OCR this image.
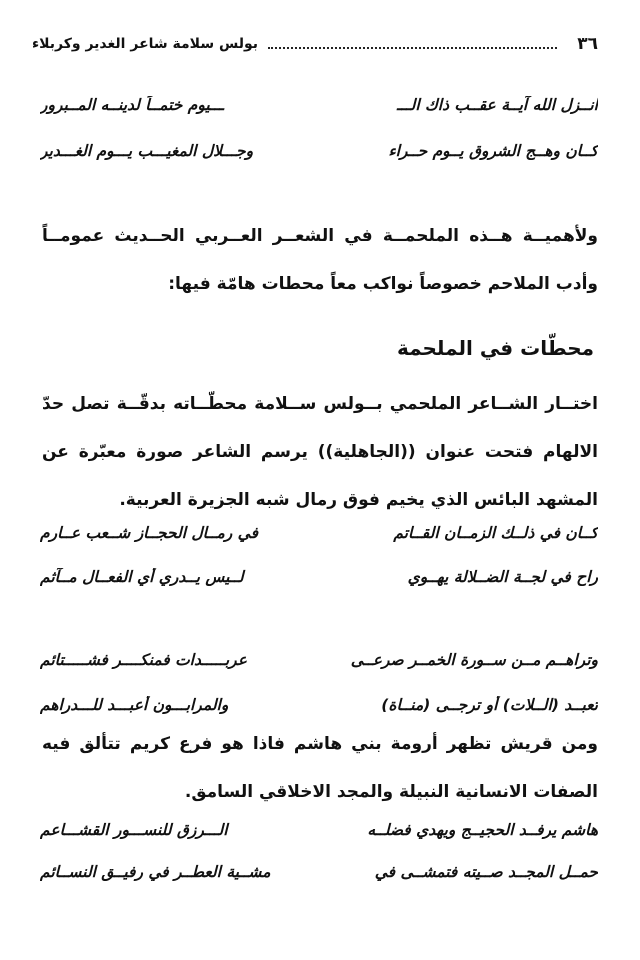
٣٦
بولس سلامة شاعر الغدير وكربلاء
انــزل الله آيــة عقــب ذاك الـــ
ـــيوم ختمــاً لدينــه المــبرور
كــان وهــج الشروق يــوم حــراء
وجـــلال المغيـــب يـــوم الغـــدير

ولأهميــة هــذه الملحمــة في الشعــر العــربي الحــديث عمومــاً وأدب الملاحم خصوصاً نواكب معاً محطات هامّة فيها:

محطّات في الملحمة

اختــار الشــاعر الملحمي بــولس ســلامة محطّــاته بدقّــة تصل حدّ الالهام فتحت عنوان ((الجاهلية)) يرسم الشاعر صورة معبّرة عن المشهد البائس الذي يخيم فوق رمال شبه الجزيرة العربية.

كــان في ذلــك الزمــان القــاتم
في رمــال الحجــاز شــعب عــارم
راح في لجــة الضــلالة يهــوي
لــيس يــدري أي الفعــال مــآثم
وتراهــم مــن ســورة الخمــر صرعــى
عربـــــدات فمنكــــر فشـــــتائم
تعبــد (الــلات) أو ترجــى (منــاة)
والمرابـــون أعبـــد للـــدراهم

ومن قريش تظهر أرومة بني هاشم فاذا هو فرع كريم تتألق فيه الصفات الانسانية النبيلة والمجد الاخلاقي السامق.

هاشم يرفــد الحجيــج ويهدي فضلــه
الـــرزق للنســـور القشـــاعم
حمــل المجــد صــيته فتمشــى في
مشــية العطــر في رفيــق النســائم
